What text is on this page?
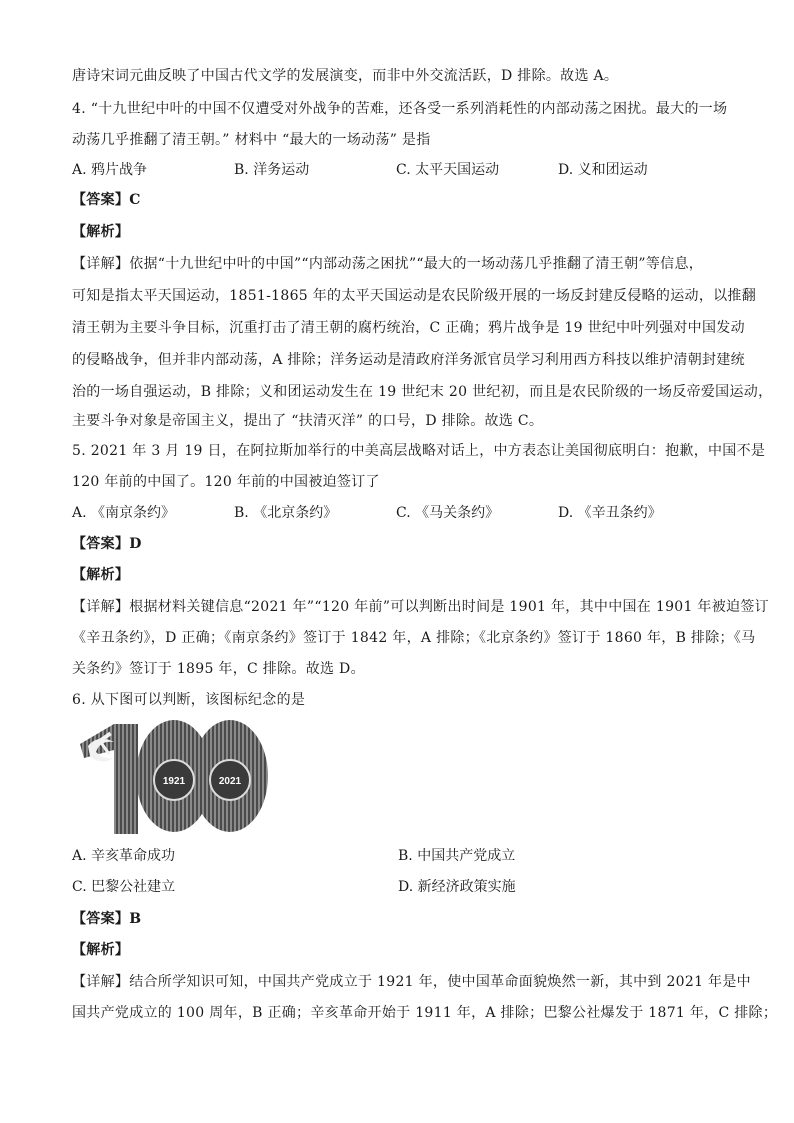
唐诗宋词元曲反映了中国古代文学的发展演变，而非中外交流活跃，D 排除。故选 A。
4. “十九世纪中叶的中国不仅遭受对外战争的苦难，还各受一系列消耗性的内部动荡之困扰。最大的一场
动荡几乎推翻了清王朝。” 材料中 “最大的一场动荡” 是指
A. 鸦片战争	B. 洋务运动	C. 太平天国运动	D. 义和团运动
【答案】C
【解析】
【详解】依据“十九世纪中叶的中国”“内部动荡之困扰”“最大的一场动荡几乎推翻了清王朝”等信息，
可知是指太平天国运动，1851-1865 年的太平天国运动是农民阶级开展的一场反封建反侵略的运动，以推翻
清王朝为主要斗争目标，沉重打击了清王朝的腐朽统治，C 正确；鸦片战争是 19 世纪中叶列强对中国发动
的侵略战争，但并非内部动荡，A 排除；洋务运动是清政府洋务派官员学习利用西方科技以维护清朝封建统
治的一场自强运动，B 排除；义和团运动发生在 19 世纪末 20 世纪初，而且是农民阶级的一场反帝爱国运动，
主要斗争对象是帝国主义，提出了 “扶清灭洋” 的口号，D 排除。故选 C。
5. 2021 年 3 月 19 日，在阿拉斯加举行的中美高层战略对话上，中方表态让美国彻底明白：抱歉，中国不是
120 年前的中国了。120 年前的中国被迫签订了
A. 《南京条约》	B. 《北京条约》	C. 《马关条约》	D. 《辛丑条约》
【答案】D
【解析】
【详解】根据材料关键信息“2021 年”“120 年前”可以判断出时间是 1901 年，其中中国在 1901 年被迫签订
《辛丑条约》，D 正确；《南京条约》签订于 1842 年，A 排除；《北京条约》签订于 1860 年，B 排除；《马
关条约》签订于 1895 年，C 排除。故选 D。
6. 从下图可以判断，该图标纪念的是
1921	2021
A. 辛亥革命成功	B. 中国共产党成立
C. 巴黎公社建立	D. 新经济政策实施
【答案】B
【解析】
【详解】结合所学知识可知，中国共产党成立于 1921 年，使中国革命面貌焕然一新，其中到 2021 年是中
国共产党成立的 100 周年，B 正确；辛亥革命开始于 1911 年，A 排除；巴黎公社爆发于 1871 年，C 排除；
